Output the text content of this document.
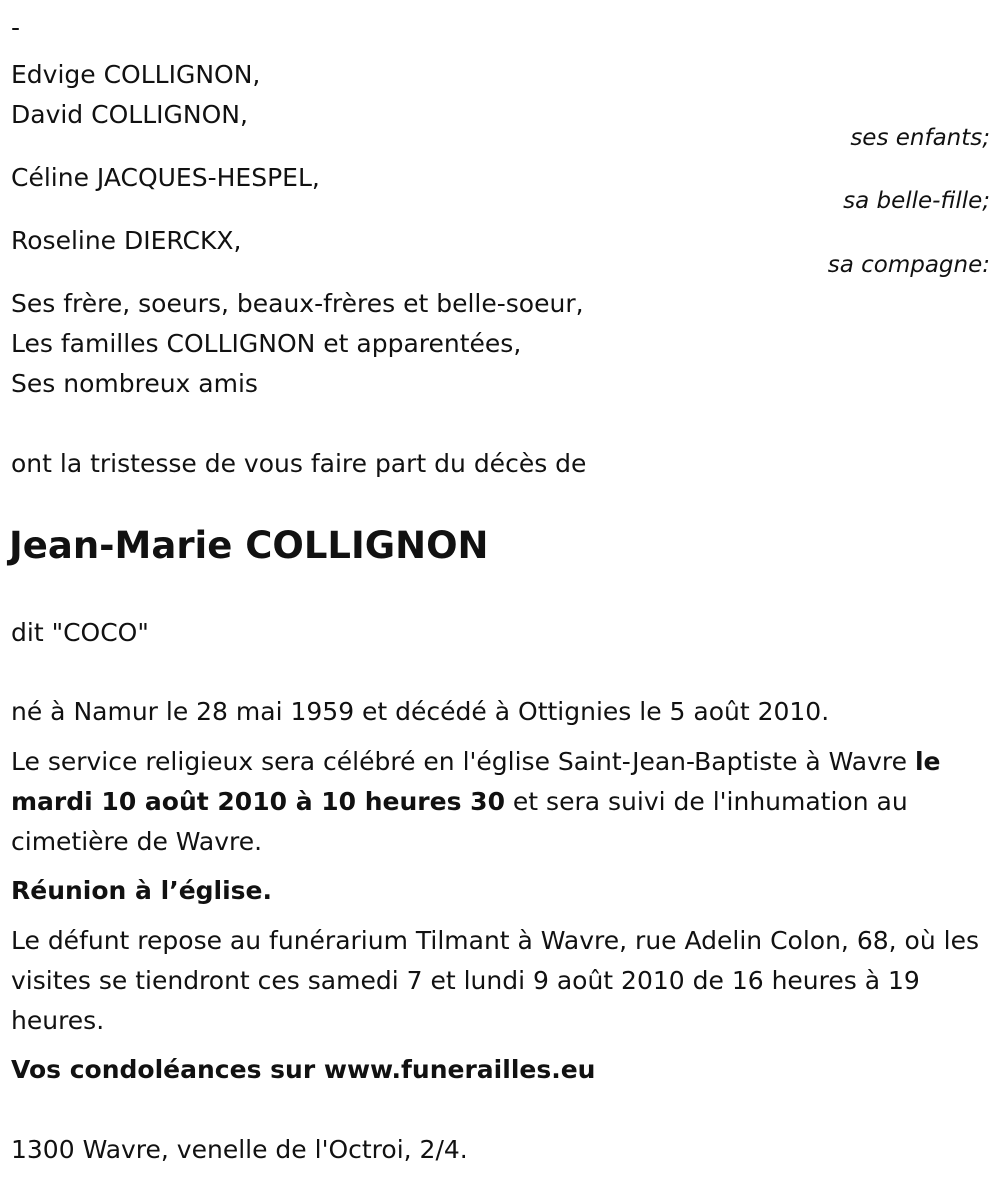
-
Edvige COLLIGNON,
David COLLIGNON,
ses enfants;
Céline JACQUES-HESPEL,
sa belle-fille;
Roseline DIERCKX,
sa compagne:
Ses frère, soeurs, beaux-frères et belle-soeur,
Les familles COLLIGNON et apparentées,
Ses nombreux amis
ont la tristesse de vous faire part du décès de
Jean-Marie COLLIGNON
dit "COCO"
né à Namur le 28 mai 1959 et décédé à Ottignies le 5 août 2010.
Le service religieux sera célébré en l'église Saint-Jean-Baptiste à Wavre le mardi 10 août 2010 à 10 heures 30 et sera suivi de l'inhumation au cimetière de Wavre.
Réunion à l’église.
Le défunt repose au funérarium Tilmant à Wavre, rue Adelin Colon, 68, où les visites se tiendront ces samedi 7 et lundi 9 août 2010 de 16 heures à 19 heures.
Vos condoléances sur www.funerailles.eu
1300 Wavre, venelle de l'Octroi, 2/4.
